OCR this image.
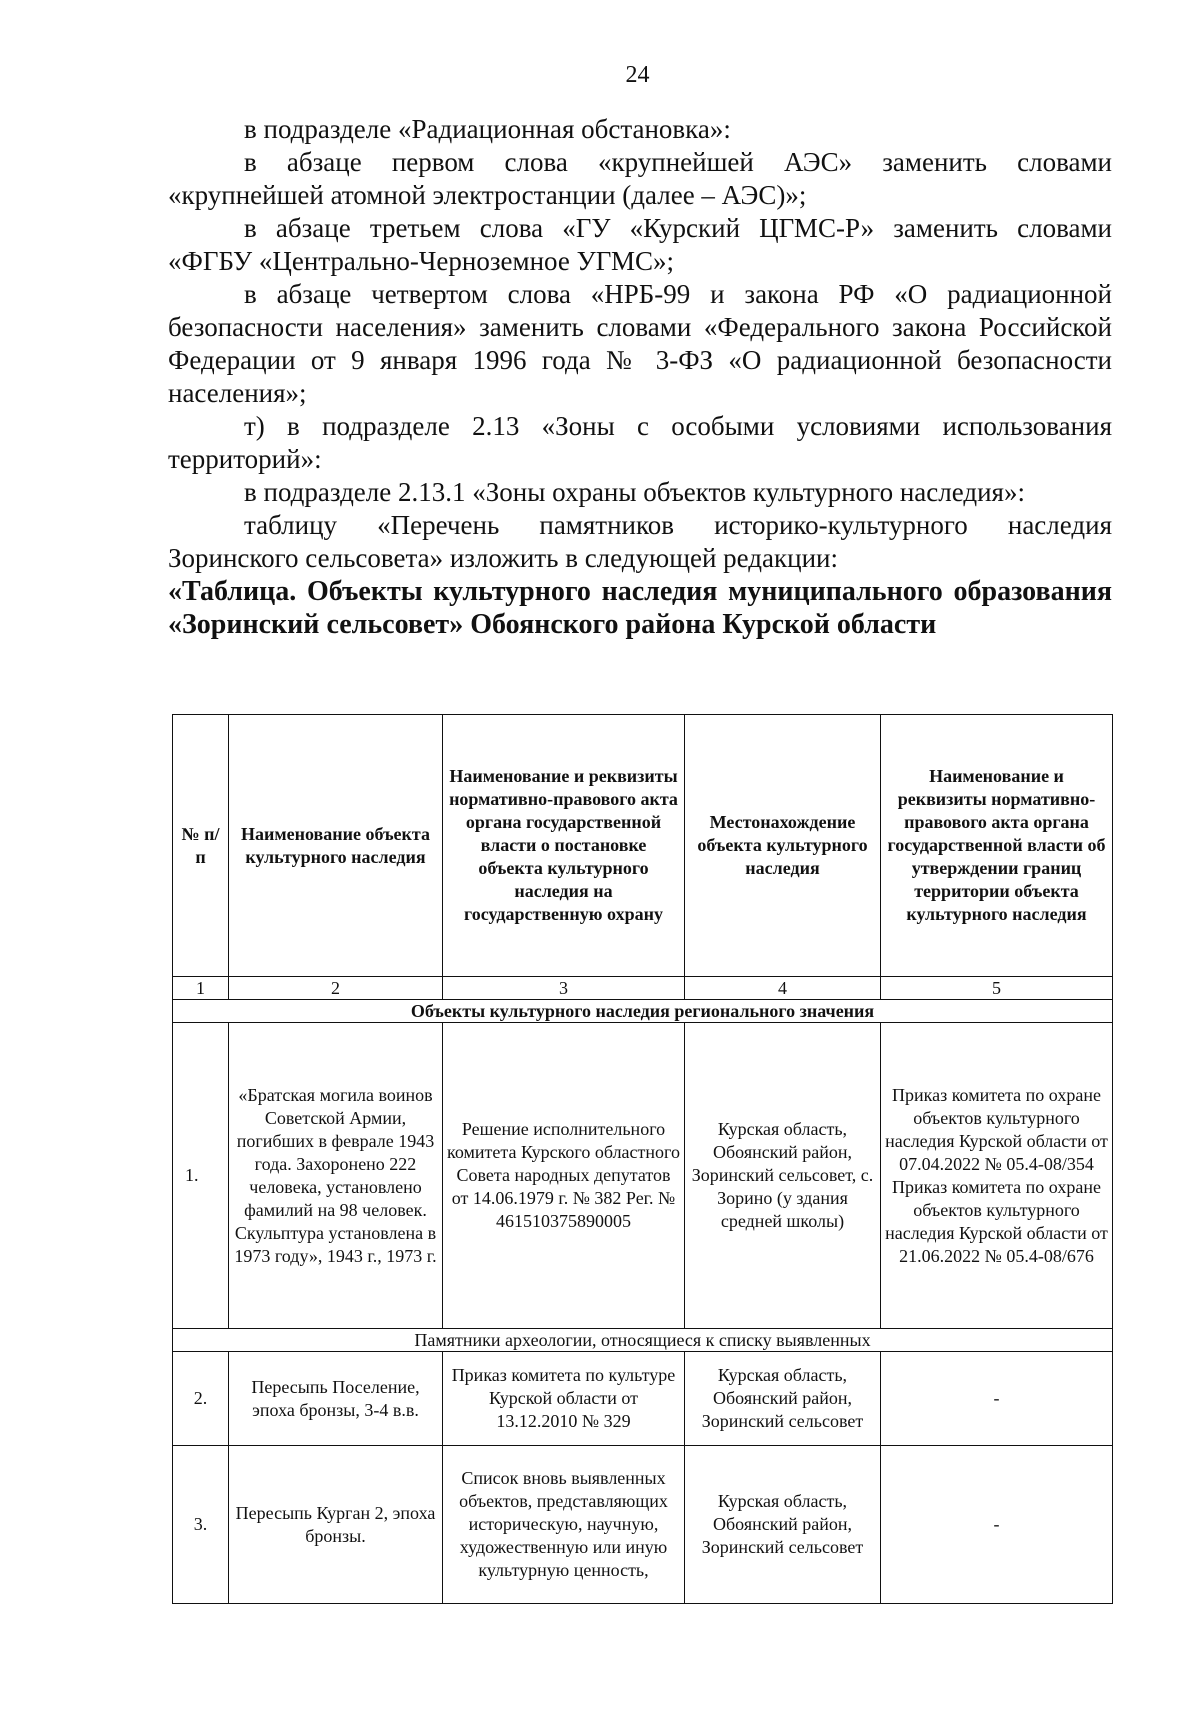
24

в подразделе «Радиационная обстановка»:

в абзаце первом слова «крупнейшей АЭС» заменить словами

«крупнейшей атомной электростанции (далее – АЭС)»;

в абзаце третьем слова «ГУ «Курский ЦГМС-Р» заменить словами

«ФГБУ «Центрально-Черноземное УГМС»;

в абзаце четвертом слова «НРБ-99 и закона РФ «О радиационной безопасности населения» заменить словами «Федерального закона Российской Федерации от 9 января 1996 года № 3-ФЗ «О радиационной безопасности населения»;

т) в подразделе 2.13 «Зоны с особыми условиями использования территорий»:

в подразделе 2.13.1 «Зоны охраны объектов культурного наследия»:

таблицу «Перечень памятников историко-культурного наследия Зоринского сельсовета» изложить в следующей редакции:

«Таблица. Объекты культурного наследия муниципального образования «Зоринский сельсовет» Обоянского района Курской области

№ п/п	Наименование объекта культурного наследия	Наименование и реквизиты нормативно-правового акта органа государственной власти о постановке объекта культурного наследия на государственную охрану	Местонахождение объекта культурного наследия	Наименование и реквизиты нормативно-правового акта органа государственной власти об утверждении границ территории объекта культурного наследия
1	2	3	4	5
Объекты культурного наследия регионального значения				
1.	«Братская могила воинов Советской Армии, погибших в феврале 1943 года. Захоронено 222 человека, установлено фамилий на 98 человек. Скульптура установлена в 1973 году», 1943 г., 1973 г.	Решение исполнительного комитета Курского областного Совета народных депутатов от 14.06.1979 г. № 382 Рег. № 461510375890005	Курская область, Обоянский район, Зоринский сельсовет, с. Зорино (у здания средней школы)	Приказ комитета по охране объектов культурного наследия Курской области от 07.04.2022 № 05.4-08/354 Приказ комитета по охране объектов культурного наследия Курской области от 21.06.2022 № 05.4-08/676
Памятники археологии, относящиеся к списку выявленных				
2.	Пересыпь Поселение, эпоха бронзы, 3-4 в.в.	Приказ комитета по культуре Курской области от 13.12.2010 № 329	Курская область, Обоянский район, Зоринский сельсовет	-
3.	Пересыпь Курган 2, эпоха бронзы.	Список вновь выявленных объектов, представляющих историческую, научную, художественную или иную культурную ценность,	Курская область, Обоянский район, Зоринский сельсовет	-
